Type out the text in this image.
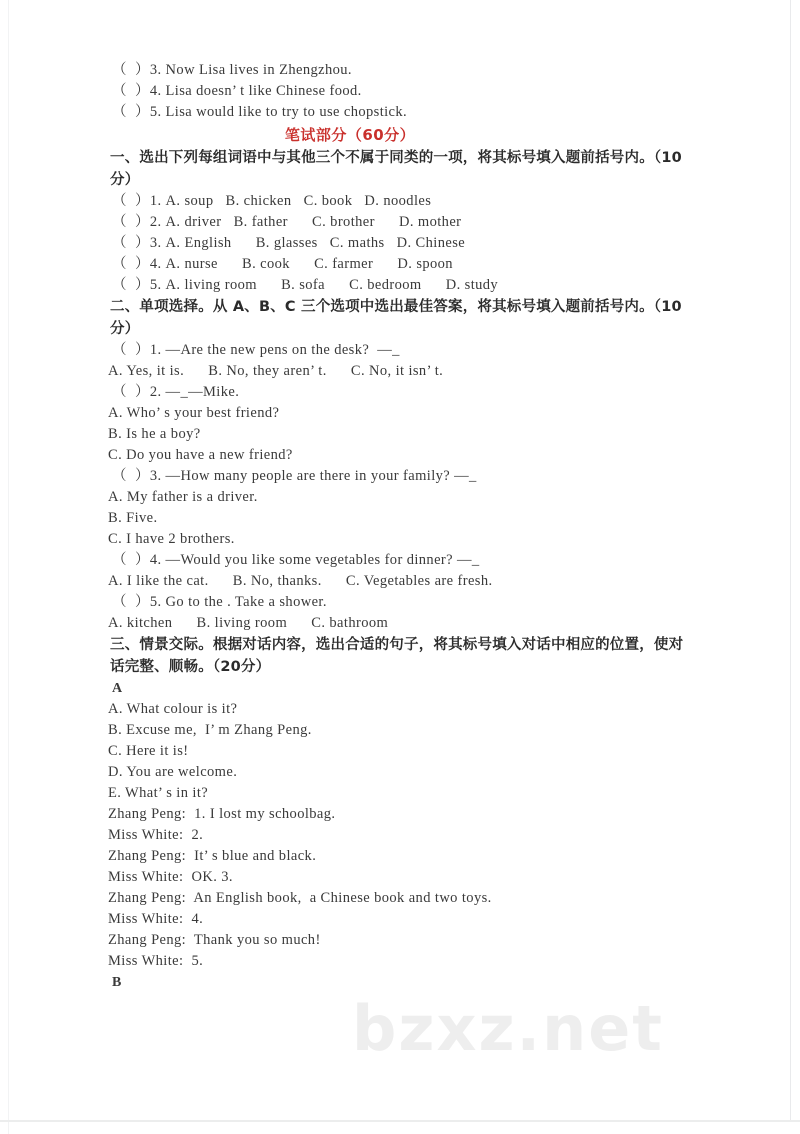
bzxz.net
（  ）3. Now Lisa lives in Zhengzhou.
（  ）4. Lisa doesn’ t like Chinese food.
（  ）5. Lisa would like to try to use chopstick.
笔试部分（60分）
一、选出下列每组词语中与其他三个不属于同类的一项，将其标号填入题前括号内。（10分）
（  ）1. A. soup   B. chicken   C. book   D. noodles
（  ）2. A. driver   B. father      C. brother      D. mother
（  ）3. A. English      B. glasses   C. maths   D. Chinese
（  ）4. A. nurse      B. cook      C. farmer      D. spoon
（  ）5. A. living room      B. sofa      C. bedroom      D. study
二、单项选择。从 A、B、C 三个选项中选出最佳答案，将其标号填入题前括号内。（10分）
（  ）1. —Are the new pens on the desk?  —_
A. Yes, it is.      B. No, they aren’ t.      C. No, it isn’ t.
（  ）2. —_—Mike.
A. Who’ s your best friend?
B. Is he a boy?
C. Do you have a new friend?
（  ）3. —How many people are there in your family? —_
A. My father is a driver.
B. Five.
C. I have 2 brothers.
（  ）4. —Would you like some vegetables for dinner? —_
A. I like the cat.      B. No, thanks.      C. Vegetables are fresh.
（  ）5. Go to the . Take a shower.
A. kitchen      B. living room      C. bathroom
三、情景交际。根据对话内容，选出合适的句子，将其标号填入对话中相应的位置，使对话完整、顺畅。（20分）
A
A. What colour is it?
B. Excuse me,  I’ m Zhang Peng.
C. Here it is!
D. You are welcome.
E. What’ s in it?
Zhang Peng:  1. I lost my schoolbag.
Miss White:  2.
Zhang Peng:  It’ s blue and black.
Miss White:  OK. 3.
Zhang Peng:  An English book,  a Chinese book and two toys.
Miss White:  4.
Zhang Peng:  Thank you so much!
Miss White:  5.
B
